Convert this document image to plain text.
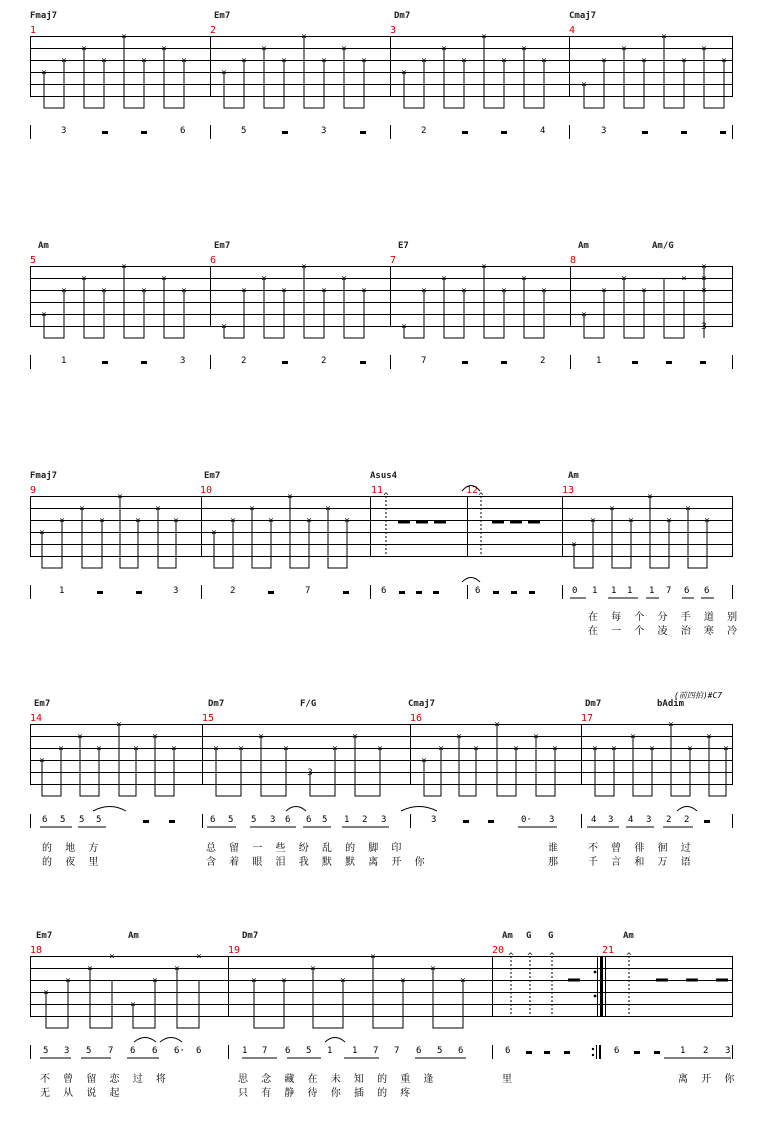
Fmaj7	Em7	Dm7	Cmaj7
1	2	3	4
×
×
×
×
×
×
×
×
×
×
×
×
×
×
×
×
×
×
×
×
×
×
×
×
×
×
×
×
×
×
×
×
3	6	5	3	2	4	3
Am	Em7	E7	Am	Am/G
5	6	7	8
×
×
×
×
×
×
×
×
×
×
×
×
×
×
×
×
×
×
×
×
×
×
×
×
×
×
×
×
×
×
×
×
3
1	3	2	2	7	2	1
Fmaj7	Em7	Asus4	Am
9	10	11	12	13
×
×
×
×
×
×
×
×
×
×
×
×
×
×
×
×
^	^
×
×
×
×
×
×
×
×
1	3	2	7	6	6	0 1 1 1 1 7 6 6
在 每 个 分 手 道 别
在 一 个 凌 治 寒 冷
(前四拍)#C7
Em7	Dm7	F/G	Cmaj7	Dm7	bAdim
14	15	16	17
×
×
×
×
×
×
×
×	× ×
×
×
3
×
×
×
×
×
×
×
×
×
×
×	× ×
×
×
×
×
×
×
6 5 5 5	6 5 5 3 6 6 5 1 2 3	3	0· 3	4 3 4 3 2 2
的 地 方
的 夜 里
总 留 一 些 纷 乱 的 脚 印
含 着 眼 泪 我 默 默 离 开 你
谁
那
不 曾 徘 徊 过
千 言 和 万 语
Em7	Am	Dm7	Am G G	Am
18	19	20	21
×
×
×
×
×
×
×
×
×	×
×
×
×
×
×
×
^ ^ ^	^
5 3 5 7 6 6 6· 6	1 7 6 5 1 1 7 7 6 5 6	6	6	1 2 3
不 曾 留 恋 过 将
无 从 说 起
思 念 藏 在 未 知 的 重 逢
只 有 静 待 你 插 的 疼
里	离 开 你
